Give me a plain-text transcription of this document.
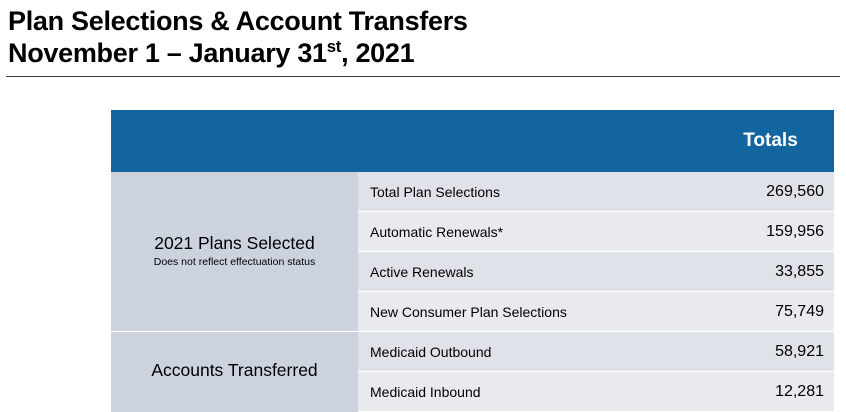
Plan Selections & Account Transfers
November 1 – January 31st, 2021
		Totals

2021 Plans Selected
Does not reflect effectuation status	Total Plan Selections	269,560
	Automatic Renewals*	159,956
	Active Renewals	33,855
	New Consumer Plan Selections	75,749

Accounts Transferred	Medicaid Outbound	58,921
	Medicaid Inbound	12,281
